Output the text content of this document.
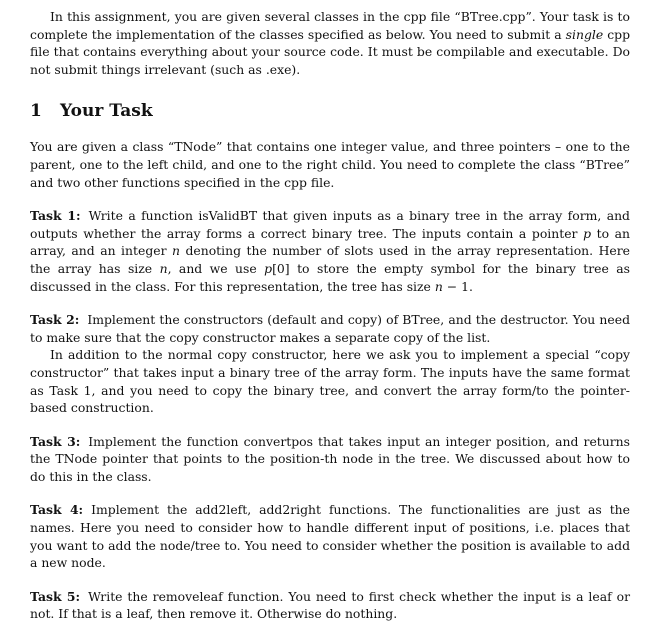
In this assignment, you are given several classes in the cpp file “BTree.cpp”. Your task is to complete the implementation of the classes specified as below. You need to submit a single cpp file that contains everything about your source code. It must be compilable and executable. Do not submit things irrelevant (such as .exe).

1 Your Task

You are given a class “TNode” that contains one integer value, and three pointers – one to the parent, one to the left child, and one to the right child. You need to complete the class “BTree” and two other functions specified in the cpp file.

Task 1: Write a function isValidBT that given inputs as a binary tree in the array form, and outputs whether the array forms a correct binary tree. The inputs contain a pointer p to an array, and an integer n denoting the number of slots used in the array representation. Here the array has size n, and we use p[0] to store the empty symbol for the binary tree as discussed in the class. For this representation, the tree has size n − 1.

Task 2: Implement the constructors (default and copy) of BTree, and the destructor. You need to make sure that the copy constructor makes a separate copy of the list.

In addition to the normal copy constructor, here we ask you to implement a special “copy constructor” that takes input a binary tree of the array form. The inputs have the same format as Task 1, and you need to copy the binary tree, and convert the array form/to the pointer-based construction.

Task 3: Implement the function convertpos that takes input an integer position, and returns the TNode pointer that points to the position-th node in the tree. We discussed about how to do this in the class.

Task 4: Implement the add2left, add2right functions. The functionalities are just as the names. Here you need to consider how to handle different input of positions, i.e. places that you want to add the node/tree to. You need to consider whether the position is available to add a new node.

Task 5: Write the removeleaf function. You need to first check whether the input is a leaf or not. If that is a leaf, then remove it. Otherwise do nothing.
